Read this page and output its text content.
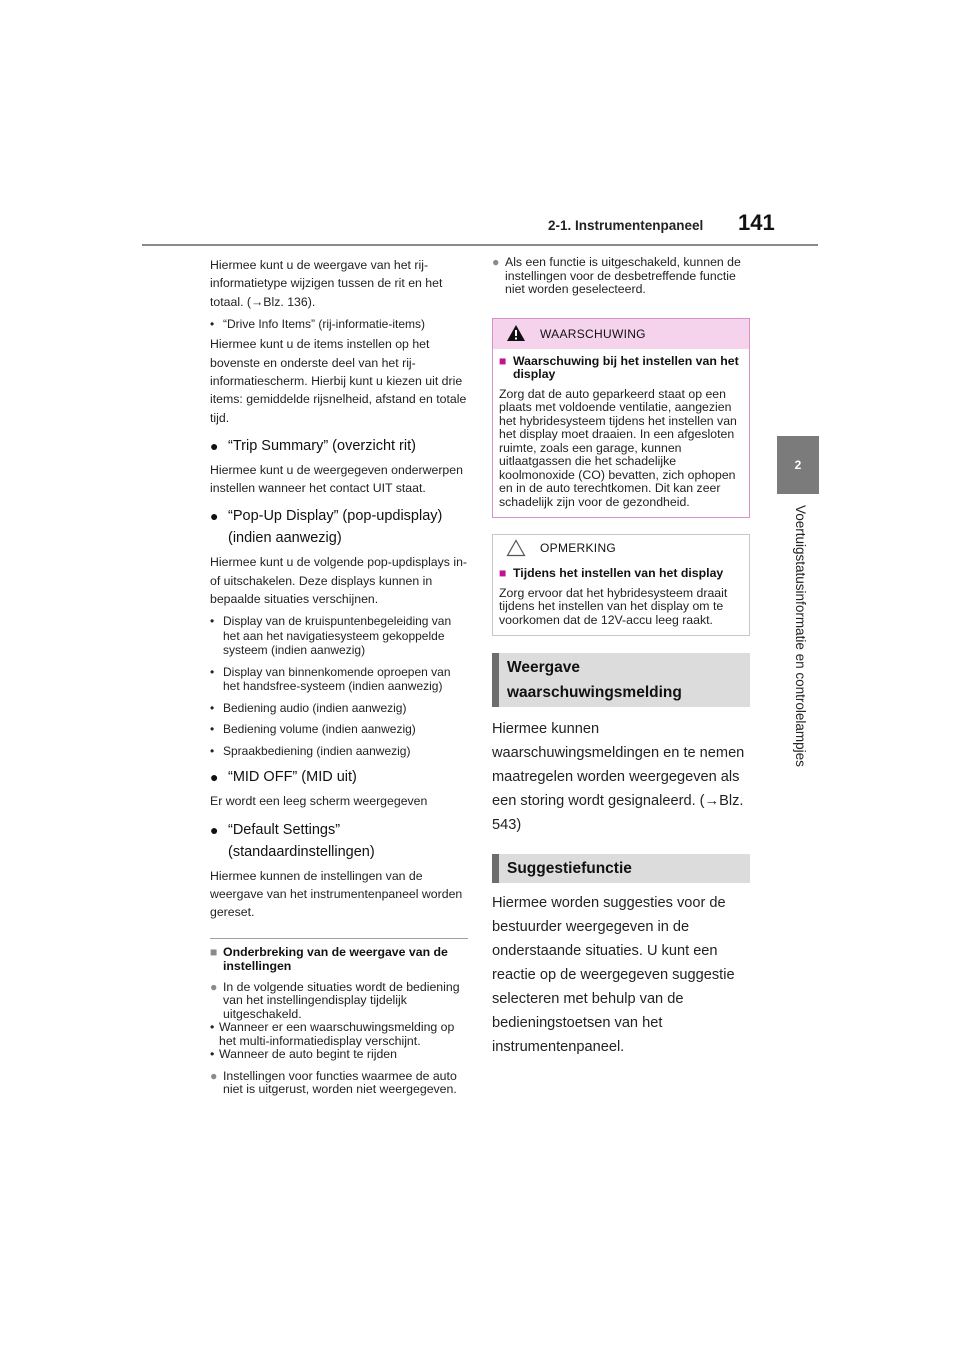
2-1. Instrumentenpaneel 141
2
Voertuigstatusinformatie en controlelampjes

Hiermee kunt u de weergave van het rij-informatietype wijzigen tussen de rit en het totaal. (→Blz. 136).

• “Drive Info Items” (rij-informatie-items)

Hiermee kunt u de items instellen op het bovenste en onderste deel van het rij-informatiescherm. Hierbij kunt u kiezen uit drie items: gemiddelde rijsnelheid, afstand en totale tijd.

● “Trip Summary” (overzicht rit)

Hiermee kunt u de weergegeven onderwerpen instellen wanneer het contact UIT staat.

● “Pop-Up Display” (pop-updisplay) (indien aanwezig)

Hiermee kunt u de volgende pop-updisplays in- of uitschakelen. Deze displays kunnen in bepaalde situaties verschijnen.

• Display van de kruispuntenbegeleiding van het aan het navigatiesysteem gekoppelde systeem (indien aanwezig)
• Display van binnenkomende oproepen van het handsfree-systeem (indien aanwezig)
• Bediening audio (indien aanwezig)
• Bediening volume (indien aanwezig)
• Spraakbediening (indien aanwezig)
● “MID OFF” (MID uit)

Er wordt een leeg scherm weergegeven

● “Default Settings” (standaardinstellingen)

Hiermee kunnen de instellingen van de weergave van het instrumentenpaneel worden gereset.

■ Onderbreking van de weergave van de instellingen
● In de volgende situaties wordt de bediening van het instellingendisplay tijdelijk uitgeschakeld.
• Wanneer er een waarschuwingsmelding op het multi-informatiedisplay verschijnt.
• Wanneer de auto begint te rijden
● Instellingen voor functies waarmee de auto niet is uitgerust, worden niet weergegeven.
● Als een functie is uitgeschakeld, kunnen de instellingen voor de desbetreffende functie niet worden geselecteerd.
WAARSCHUWING
■ Waarschuwing bij het instellen van het display

Zorg dat de auto geparkeerd staat op een plaats met voldoende ventilatie, aangezien het hybridesysteem tijdens het instellen van het display moet draaien. In een afgesloten ruimte, zoals een garage, kunnen uitlaatgassen die het schadelijke koolmonoxide (CO) bevatten, zich ophopen en in de auto terechtkomen. Dit kan zeer schadelijk zijn voor de gezondheid.

OPMERKING
■ Tijdens het instellen van het display

Zorg ervoor dat het hybridesysteem draait tijdens het instellen van het display om te voorkomen dat de 12V-accu leeg raakt.

Weergave waarschuwingsmelding

Hiermee kunnen waarschuwingsmeldingen en te nemen maatregelen worden weergegeven als een storing wordt gesignaleerd. (→Blz. 543)

Suggestiefunctie

Hiermee worden suggesties voor de bestuurder weergegeven in de onderstaande situaties. U kunt een reactie op de weergegeven suggestie selecteren met behulp van de bedieningstoetsen van het instrumentenpaneel.
